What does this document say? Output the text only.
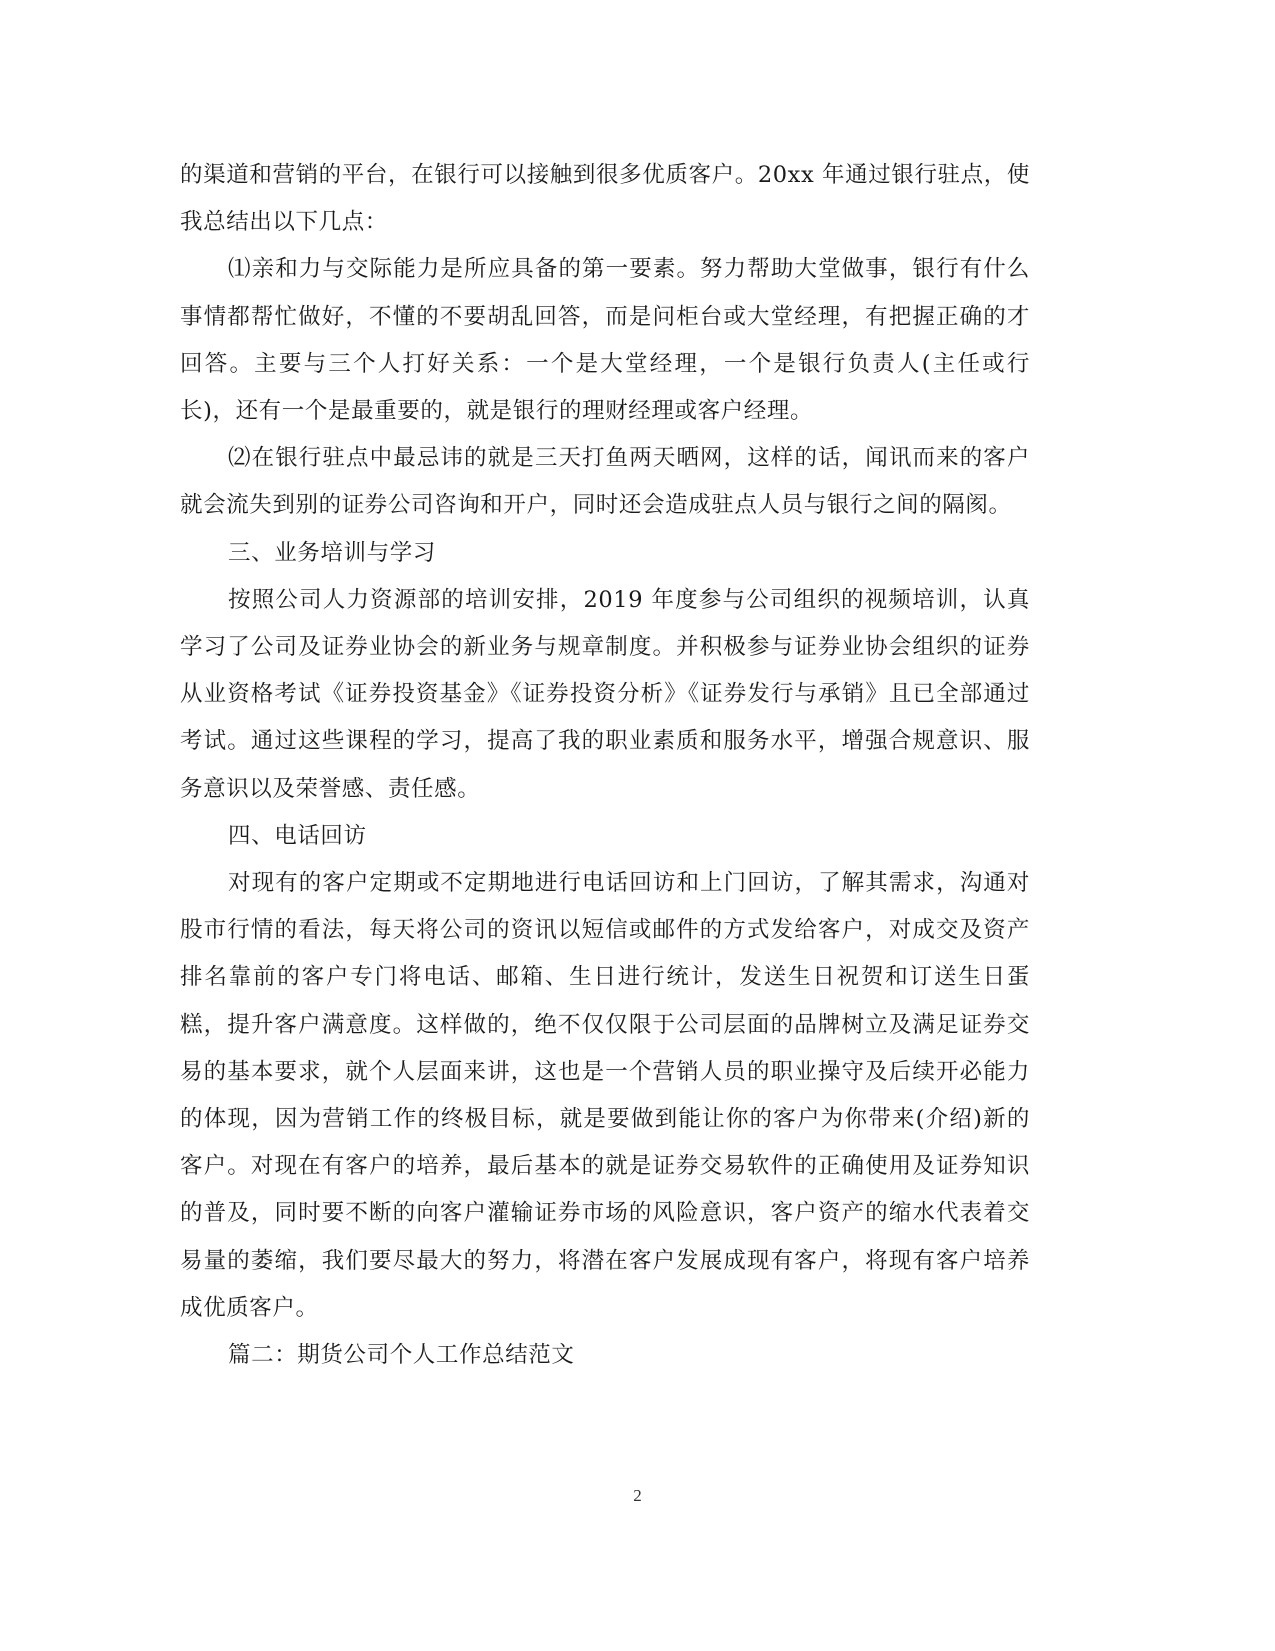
的渠道和营销的平台，在银行可以接触到很多优质客户。20xx 年通过银行驻点，使我总结出以下几点：

⑴亲和力与交际能力是所应具备的第一要素。努力帮助大堂做事，银行有什么事情都帮忙做好，不懂的不要胡乱回答，而是问柜台或大堂经理，有把握正确的才回答。主要与三个人打好关系：一个是大堂经理，一个是银行负责人(主任或行长)，还有一个是最重要的，就是银行的理财经理或客户经理。

⑵在银行驻点中最忌讳的就是三天打鱼两天晒网，这样的话，闻讯而来的客户就会流失到别的证券公司咨询和开户，同时还会造成驻点人员与银行之间的隔阂。

三、业务培训与学习

按照公司人力资源部的培训安排，2019 年度参与公司组织的视频培训，认真学习了公司及证券业协会的新业务与规章制度。并积极参与证券业协会组织的证券从业资格考试《证券投资基金》《证券投资分析》《证券发行与承销》且已全部通过考试。通过这些课程的学习，提高了我的职业素质和服务水平，增强合规意识、服务意识以及荣誉感、责任感。

四、电话回访

对现有的客户定期或不定期地进行电话回访和上门回访，了解其需求，沟通对股市行情的看法，每天将公司的资讯以短信或邮件的方式发给客户，对成交及资产排名靠前的客户专门将电话、邮箱、生日进行统计，发送生日祝贺和订送生日蛋糕，提升客户满意度。这样做的，绝不仅仅限于公司层面的品牌树立及满足证券交易的基本要求，就个人层面来讲，这也是一个营销人员的职业操守及后续开必能力的体现，因为营销工作的终极目标，就是要做到能让你的客户为你带来(介绍)新的客户。对现在有客户的培养，最后基本的就是证券交易软件的正确使用及证券知识的普及，同时要不断的向客户灌输证券市场的风险意识，客户资产的缩水代表着交易量的萎缩，我们要尽最大的努力，将潜在客户发展成现有客户，将现有客户培养成优质客户。

篇二：期货公司个人工作总结范文

2
